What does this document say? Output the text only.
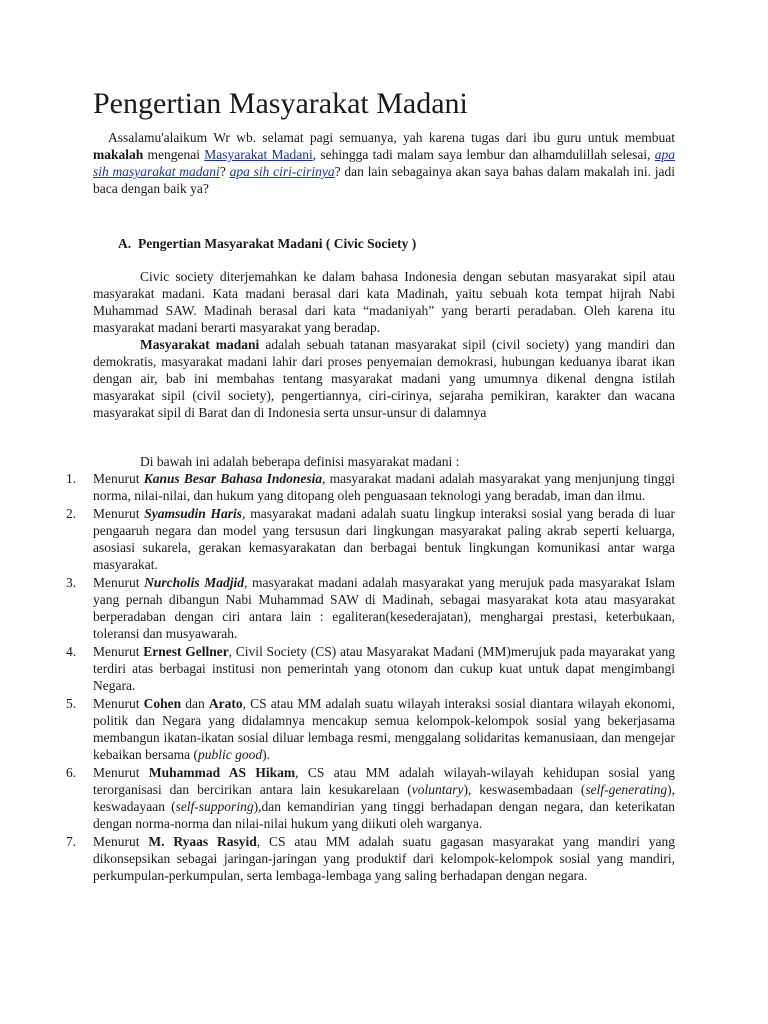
Pengertian Masyarakat Madani

Assalamu'alaikum Wr wb. selamat pagi semuanya, yah karena tugas dari ibu guru untuk membuat makalah mengenai Masyarakat Madani, sehingga tadi malam saya lembur dan alhamdulillah selesai, apa sih masyarakat madani? apa sih ciri-cirinya? dan lain sebagainya akan saya bahas dalam makalah ini. jadi baca dengan baik ya?

A. Pengertian Masyarakat Madani ( Civic Society )

Civic society diterjemahkan ke dalam bahasa Indonesia dengan sebutan masyarakat sipil atau masyarakat madani. Kata madani berasal dari kata Madinah, yaitu sebuah kota tempat hijrah Nabi Muhammad SAW. Madinah berasal dari kata “madaniyah” yang berarti peradaban. Oleh karena itu masyarakat madani berarti masyarakat yang beradap.

Masyarakat madani adalah sebuah tatanan masyarakat sipil (civil society) yang mandiri dan demokratis, masyarakat madani lahir dari proses penyemaian demokrasi, hubungan keduanya ibarat ikan dengan air, bab ini membahas tentang masyarakat madani yang umumnya dikenal dengna istilah masyarakat sipil (civil society), pengertiannya, ciri-cirinya, sejaraha pemikiran, karakter dan wacana masyarakat sipil di Barat dan di Indonesia serta unsur-unsur di dalamnya

Di bawah ini adalah beberapa definisi masyarakat madani :

1. Menurut Kanus Besar Bahasa Indonesia, masyarakat madani adalah masyarakat yang menjunjung tinggi norma, nilai-nilai, dan hukum yang ditopang oleh penguasaan teknologi yang beradab, iman dan ilmu.
2. Menurut Syamsudin Haris, masyarakat madani adalah suatu lingkup interaksi sosial yang berada di luar pengaaruh negara dan model yang tersusun dari lingkungan masyarakat paling akrab seperti keluarga, asosiasi sukarela, gerakan kemasyarakatan dan berbagai bentuk lingkungan komunikasi antar warga masyarakat.
3. Menurut Nurcholis Madjid, masyarakat madani adalah masyarakat yang merujuk pada masyarakat Islam yang pernah dibangun Nabi Muhammad SAW di Madinah, sebagai masyarakat kota atau masyarakat berperadaban dengan ciri antara lain : egaliteran(kesederajatan), menghargai prestasi, keterbukaan, toleransi dan musyawarah.
4. Menurut Ernest Gellner, Civil Society (CS) atau Masyarakat Madani (MM)merujuk pada mayarakat yang terdiri atas berbagai institusi non pemerintah yang otonom dan cukup kuat untuk dapat mengimbangi Negara.
5. Menurut Cohen dan Arato, CS atau MM adalah suatu wilayah interaksi sosial diantara wilayah ekonomi, politik dan Negara yang didalamnya mencakup semua kelompok-kelompok sosial yang bekerjasama membangun ikatan-ikatan sosial diluar lembaga resmi, menggalang solidaritas kemanusiaan, dan mengejar kebaikan bersama (public good).
6. Menurut Muhammad AS Hikam, CS atau MM adalah wilayah-wilayah kehidupan sosial yang terorganisasi dan bercirikan antara lain kesukarelaan (voluntary), keswasembadaan (self-generating), keswadayaan (self-supporing),dan kemandirian yang tinggi berhadapan dengan negara, dan keterikatan dengan norma-norma dan nilai-nilai hukum yang diikuti oleh warganya.
7. Menurut M. Ryaas Rasyid, CS atau MM adalah suatu gagasan masyarakat yang mandiri yang dikonsepsikan sebagai jaringan-jaringan yang produktif dari kelompok-kelompok sosial yang mandiri, perkumpulan-perkumpulan, serta lembaga-lembaga yang saling berhadapan dengan negara.
